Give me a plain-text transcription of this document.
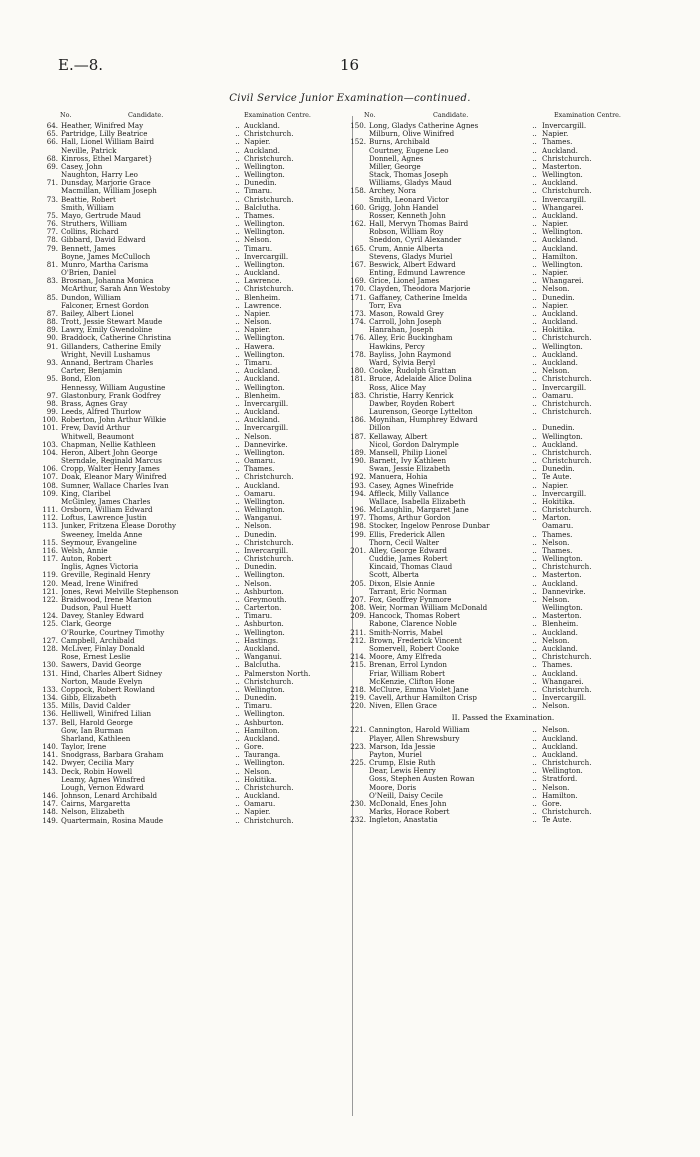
E.—8.	16
Civil Service Junior Examination—continued.
No.	Candidate.	Examination Centre.	No.	Candidate.	Examination Centre.
64. Heather, Winifred May	.. Auckland.
65. Partridge, Lilly Beatrice	.. Christchurch.
66. Hall, Lionel William Baird	.. Napier.
Neville, Patrick	.. Auckland.
68. Kinross, Ethel Margaret}	.. Christchurch.
69. Casey, John	.. Wellington.
Naughton, Harry Leo	.. Wellington.
71. Dunsday, Marjorie Grace	.. Dunedin.
Macmillan, William Joseph	.. Timaru.
73. Beattie, Robert	.. Christchurch.
Smith, William	.. Balclutha.
75. Mayo, Gertrude Maud	.. Thames.
76. Struthers, William	.. Wellington.
77. Collins, Richard	.. Wellington.
78. Gibbard, David Edward	.. Nelson.
79. Bennett, James	.. Timaru.
Boyne, James McCulloch	.. Invercargill.
81. Munro, Martha Carisma	.. Wellington.
O'Brien, Daniel	.. Auckland.
83. Brosnan, Johanna Monica	.. Lawrence.
McArthur, Sarah Ann Westoby	.. Christchurch.
85. Dundon, William	.. Blenheim.
Falconer, Ernest Gordon	.. Lawrence.
87. Bailey, Albert Lionel	.. Napier.
88. Trott, Jessie Stewart Maude	.. Nelson.
89. Lawry, Emily Gwendoline	.. Napier.
90. Braddock, Catherine Christina	.. Wellington.
91. Gillanders, Catherine Emily	.. Hawera.
Wright, Nevill Lushamus	.. Wellington.
93. Annand, Bertram Charles	.. Timaru.
Carter, Benjamin	.. Auckland.
95. Bond, Elon	.. Auckland.
Hennessy, William Augustine	.. Wellington.
97. Glastonbury, Frank Godfrey	.. Blenheim.
98. Brass, Agnes Gray	.. Invercargill.
99. Leeds, Alfred Thurlow	.. Auckland.
100. Roberton, John Arthur Wilkie	.. Auckland.
101. Frew, David Arthur	.. Invercargill.
Whitwell, Beaumont	.. Nelson.
103. Chapman, Nellie Kathleen	.. Dannevirke.
104. Heron, Albert John George	.. Wellington.
Sterndale, Reginald Marcus	.. Oamaru.
106. Cropp, Walter Henry James	.. Thames.
107. Doak, Eleanor Mary Winifred	.. Christchurch.
108. Sumner, Wallace Charles Ivan	.. Auckland.
109. King, Claribel	.. Oamaru.
McGinley, James Charles	.. Wellington.
111. Orsborn, William Edward	.. Wellington.
112. Loftus, Lawrence Justin	.. Wanganui.
113. Junker, Fritzena Elease Dorothy	.. Nelson.
Sweeney, Imelda Anne	.. Dunedin.
115. Seymour, Evangeline	.. Christchurch.
116. Welsh, Annie	.. Invercargill.
117. Auton, Robert	.. Christchurch.
Inglis, Agnes Victoria	.. Dunedin.
119. Greville, Reginald Henry	.. Wellington.
120. Mead, Irene Winifred	.. Nelson.
121. Jones, Rewi Melville Stephenson	.. Ashburton.
122. Braidwood, Irene Marion	.. Greymouth.
Dudson, Paul Huett	.. Carterton.
124. Davey, Stanley Edward	.. Timaru.
125. Clark, George	.. Ashburton.
O'Rourke, Courtney Timothy	.. Wellington.
127. Campbell, Archibald	.. Hastings.
128. McLiver, Finlay Donald	.. Auckland.
Rose, Ernest Leslie	.. Wanganui.
130. Sawers, David George	.. Balclutha.
131. Hind, Charles Albert Sidney	.. Palmerston North.
Norton, Maude Evelyn	.. Christchurch.
133. Coppock, Robert Rowland	.. Wellington.
134. Gibb, Elizabeth	.. Dunedin.
135. Mills, David Calder	.. Timaru.
136. Helliwell, Winifred Lilian	.. Wellington.
137. Bell, Harold George	.. Ashburton.
Gow, Ian Burman	.. Hamilton.
Sharland, Kathleen	.. Auckland.
140. Taylor, Irene	.. Gore.
141. Snodgrass, Barbara Graham	.. Tauranga.
142. Dwyer, Cecilia Mary	.. Wellington.
143. Deck, Robin Howell	.. Nelson.
Leamy, Agnes Winsfred	.. Hokitika.
Lough, Vernon Edward	.. Christchurch.
146. Johnson, Lenard Archibald	.. Auckland.
147. Cairns, Margaretta	.. Oamaru.
148. Nelson, Elizabeth	.. Napier.
149. Quartermain, Rosina Maude	.. Christchurch.
150. Long, Gladys Catherine Agnes	.. Invercargill.
Milburn, Olive Winifred	.. Napier.
152. Burns, Archibald	.. Thames.
Courtney, Eugene Leo	.. Auckland.
Donnell, Agnes	.. Christchurch.
Miller, George	.. Masterton.
Stack, Thomas Joseph	.. Wellington.
Williams, Gladys Maud	.. Auckland.
158. Archey, Nora	.. Christchurch.
Smith, Leonard Victor	.. Invercargill.
160. Grigg, John Handel	.. Whangarei.
Rosser, Kenneth John	.. Auckland.
162. Hall, Mervyn Thomas Baird	.. Napier.
Robson, William Roy	.. Wellington.
Sneddon, Cyril Alexander	.. Auckland.
165. Crum, Annie Alberta	.. Auckland.
Stevens, Gladys Muriel	.. Hamilton.
167. Beswick, Albert Edward	.. Wellington.
Enting, Edmund Lawrence	.. Napier.
169. Grice, Lionel James	.. Whangarei.
170. Clayden, Theodora Marjorie	.. Nelson.
171. Gaffaney, Catherine Imelda	.. Dunedin.
Torr, Eva	.. Napier.
173. Mason, Rowald Grey	.. Auckland.
174. Carroll, John Joseph	.. Auckland.
Hanrahan, Joseph	.. Hokitika.
176. Alley, Eric Buckingham	.. Christchurch.
Hawkins, Percy	.. Wellington.
178. Bayliss, John Raymond	.. Auckland.
Ward, Sylvia Beryl	.. Auckland.
180. Cooke, Rudolph Grattan	.. Nelson.
181. Bruce, Adelaide Alice Dolina	.. Christchurch.
Ross, Alice May	.. Invercargill.
183. Christie, Harry Kenrick	.. Oamaru.
Dawber, Royden Robert	.. Christchurch.
Laurenson, George Lyttelton	.. Christchurch.
186. Moynihan, Humphrey Edward
Dillon	.. Dunedin.
187. Kellaway, Albert	.. Wellington.
Nicol, Gordon Dalrymple	.. Auckland.
189. Mansell, Philip Lionel	.. Christchurch.
190. Barnett, Ivy Kathleen	.. Christchurch.
Swan, Jessie Elizabeth	.. Dunedin.
192. Manuera, Hohia	.. Te Aute.
193. Casey, Agnes Winefride	.. Napier.
194. Affleck, Milly Vallance	.. Invercargill.
Wallace, Isabella Elizabeth	.. Hokitika.
196. McLaughlin, Margaret Jane	.. Christchurch.
197. Thoms, Arthur Gordon	.. Marton.
198. Stocker, Ingelow Penrose Dunbar	Oamaru.
199. Ellis, Frederick Allen	.. Thames.
Thorn, Cecil Walter	.. Nelson.
201. Alley, George Edward	.. Thames.
Cuddie, James Robert	.. Wellington.
Kincaid, Thomas Claud	.. Christchurch.
Scott, Alberta	.. Masterton.
205. Dixon, Elsie Annie	.. Auckland.
Tarrant, Eric Norman	.. Dannevirke.
207. Fox, Geoffrey Fynmore	.. Nelson.
208. Weir, Norman William McDonald	Wellington.
209. Hancock, Thomas Robert	.. Masterton.
Rabone, Clarence Noble	.. Blenheim.
211. Smith-Norris, Mabel	.. Auckland.
212. Brown, Frederick Vincent	.. Nelson.
Somervell, Robert Cooke	.. Auckland.
214. Moore, Amy Elfreda	.. Christchurch.
215. Brenan, Errol Lyndon	.. Thames.
Friar, William Robert	.. Auckland.
McKenzie, Clifton Hone	.. Whangarei.
218. McClure, Emma Violet Jane	.. Christchurch.
219. Cavell, Arthur Hamilton Crisp	.. Invercargill.
220. Niven, Ellen Grace	.. Nelson.
II. Passed the Examination.
221. Cannington, Harold William	.. Nelson.
Player, Allen Shrewsbury	.. Auckland.
223. Marson, Ida Jessie	.. Auckland.
Payton, Muriel	.. Auckland.
225. Crump, Elsie Ruth	.. Christchurch.
Dear, Lewis Henry	.. Wellington.
Goss, Stephen Austen Rowan	.. Stratford.
Moore, Doris	.. Nelson.
O'Neill, Daisy Cecile	.. Hamilton.
230. McDonald, Enes John	.. Gore.
Marks, Horace Robert	.. Christchurch.
232. Ingleton, Anastatia	.. Te Aute.
